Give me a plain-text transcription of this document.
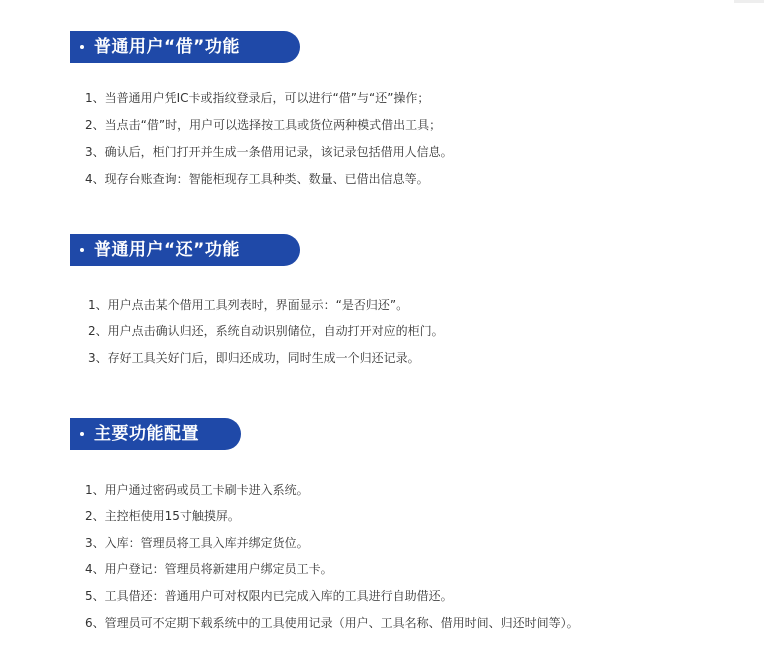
普通用户“借”功能
1、当普通用户凭IC卡或指纹登录后，可以进行“借”与“还”操作；
2、当点击“借”时，用户可以选择按工具或货位两种模式借出工具；
3、确认后，柜门打开并生成一条借用记录，该记录包括借用人信息。
4、现存台账查询：智能柜现存工具种类、数量、已借出信息等。
普通用户“还”功能
1、用户点击某个借用工具列表时，界面显示：“是否归还”。
2、用户点击确认归还，系统自动识别储位，自动打开对应的柜门。
3、存好工具关好门后，即归还成功，同时生成一个归还记录。
主要功能配置
1、用户通过密码或员工卡刷卡进入系统。
2、主控柜使用15寸触摸屏。
3、入库：管理员将工具入库并绑定货位。
4、用户登记：管理员将新建用户绑定员工卡。
5、工具借还：普通用户可对权限内已完成入库的工具进行自助借还。
6、管理员可不定期下载系统中的工具使用记录（用户、工具名称、借用时间、归还时间等）。
